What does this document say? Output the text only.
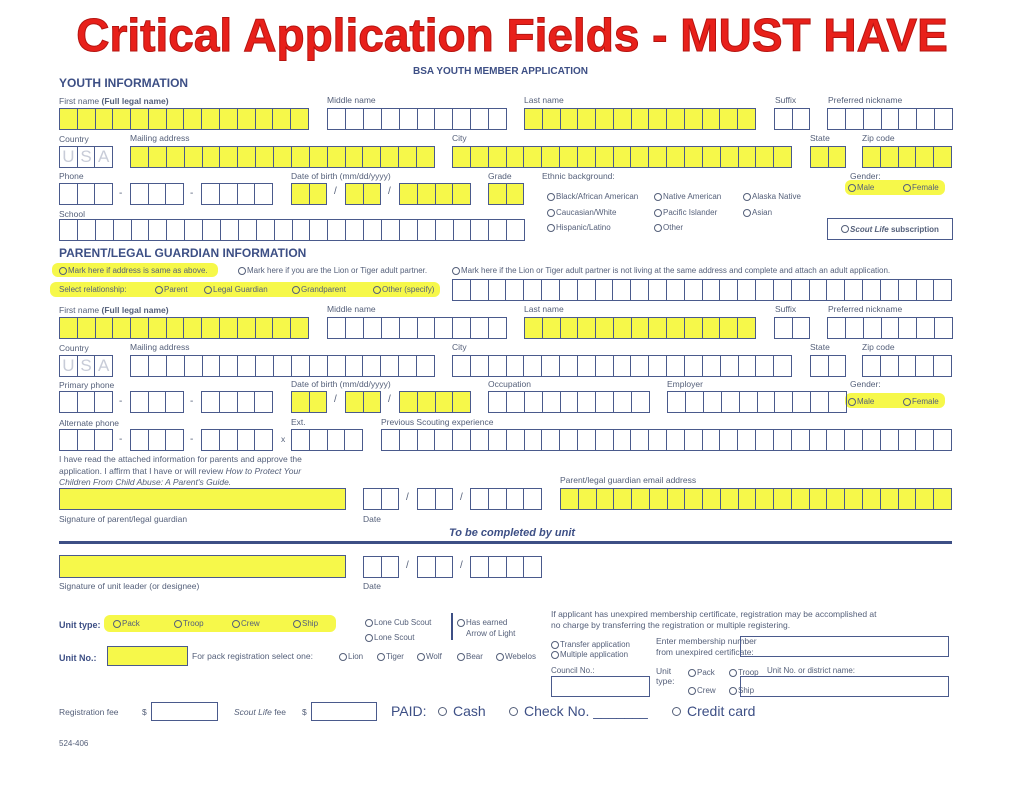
Critical Application Fields - MUST HAVE
BSA YOUTH MEMBER APPLICATION
YOUTH INFORMATION
First name (Full legal name)	Middle name	Last name	Suffix	Preferred nickname
Country	Mailing address	City	State	Zip code
Phone	Date of birth (mm/dd/yyyy)	Grade	Ethnic background:	Gender:
Male	Female
Black/African American
Caucasian/White
Hispanic/Latino
Native American
Pacific Islander
Other
Alaska Native
Asian
School
Scout Life subscription
PARENT/LEGAL GUARDIAN INFORMATION
Mark here if address is same as above.	Mark here if you are the Lion or Tiger adult partner.	Mark here if the Lion or Tiger adult partner is not living at the same address and complete and attach an adult application.
Select relationship:	Parent	Legal Guardian	Grandparent	Other (specify)
First name (Full legal name)	Middle name	Last name	Suffix	Preferred nickname
Country	Mailing address	City	State	Zip code
Primary phone	Date of birth (mm/dd/yyyy)	Occupation	Employer	Gender:
Male	Female
Alternate phone	Ext.	Previous Scouting experience
x
I have read the attached information for parents and approve the
application. I affirm that I have or will review How to Protect Your
Children From Child Abuse: A Parent's Guide.	Parent/legal guardian email address
Signature of parent/legal guardian	Date
To be completed by unit
Signature of unit leader (or designee)	Date
Unit type:	Pack	Troop	Crew	Ship	Lone Cub Scout
Lone Scout
Has earned
Arrow of Light
Unit No.:	For pack registration select one:	Lion	Tiger	Wolf	Bear	Webelos
If applicant has unexpired membership certificate, registration may be accomplished at
no charge by transferring the registration or multiple registering.
Transfer application
Multiple application
Enter membership number
from unexpired certificate:
Council No.:	Unit
type:
Pack	Troop
Crew	Ship
Unit No. or district name:
Registration fee	$	Scout Life fee $	PAID: Cash	Check No. _______	Credit card
524-406
U S A
U S A
-	-	/	/
-	-	/	/
-	-
/	/
/	/
